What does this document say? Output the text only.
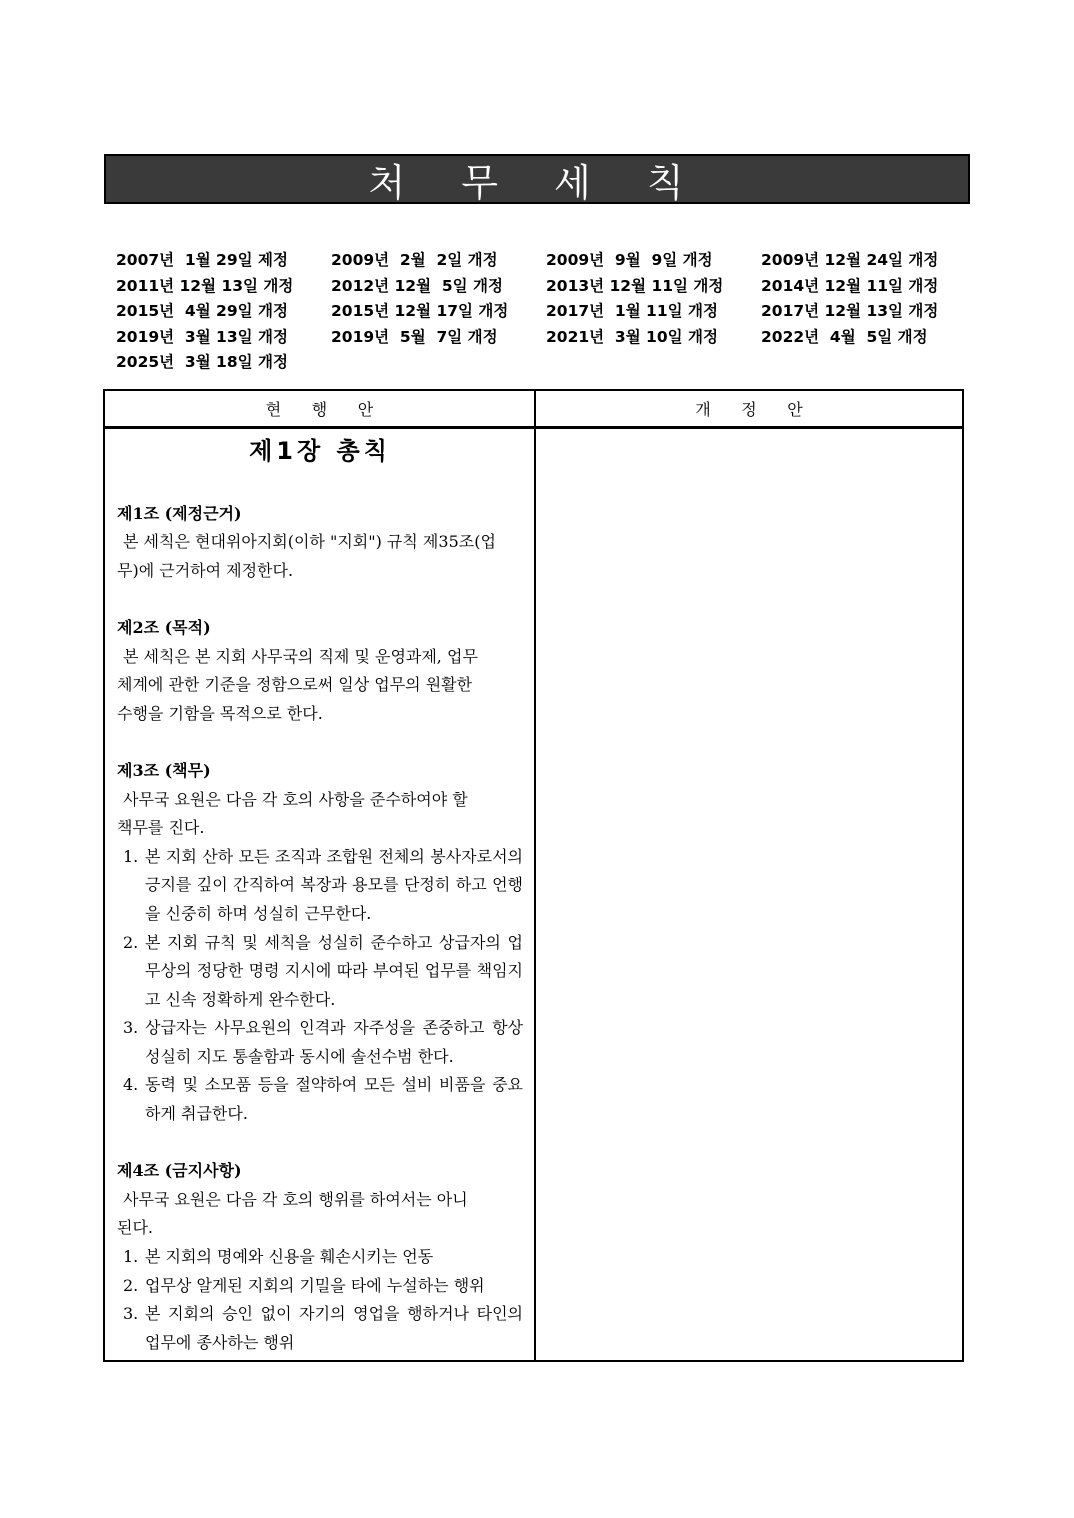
처 무 세 칙
2007년  1월 29일 제정	2009년  2월  2일 개정	2009년  9월  9일 개정	2009년 12월 24일 개정
2011년 12월 13일 개정	2012년 12월  5일 개정	2013년 12월 11일 개정	2014년 12월 11일 개정
2015년  4월 29일 개정	2015년 12월 17일 개정	2017년  1월 11일 개정	2017년 12월 13일 개정
2019년  3월 13일 개정	2019년  5월  7일 개정	2021년  3월 10일 개정	2022년  4월  5일 개정
2025년  3월 18일 개정
현      행      안	개      정      안
제1장 총칙
제1조 (제정근거)
본 세칙은 현대위아지회(이하 "지회") 규칙 제35조(업
무)에 근거하여 제정한다.
제2조 (목적)
본 세칙은 본 지회 사무국의 직제 및 운영과제, 업무
체계에 관한 기준을 정함으로써 일상 업무의 원활한
수행을 기함을 목적으로 한다.
제3조 (책무)
사무국 요원은 다음 각 호의 사항을 준수하여야 할
책무를 진다.
1. 본 지회 산하 모든 조직과 조합원 전체의 봉사자로서의 긍지를 깊이 간직하여 복장과 용모를 단정히 하고 언행을 신중히 하며 성실히 근무한다.
2. 본 지회 규칙 및 세칙을 성실히 준수하고 상급자의 업무상의 정당한 명령 지시에 따라 부여된 업무를 책임지고 신속 정확하게 완수한다.
3. 상급자는 사무요원의 인격과 자주성을 존중하고 항상 성실히 지도 통솔함과 동시에 솔선수범 한다.
4. 동력 및 소모품 등을 절약하여 모든 설비 비품을 중요하게 취급한다.
제4조 (금지사항)
사무국 요원은 다음 각 호의 행위를 하여서는 아니
된다.
1. 본 지회의 명예와 신용을 훼손시키는 언동
2. 업무상 알게된 지회의 기밀을 타에 누설하는 행위
3. 본 지회의 승인 없이 자기의 영업을 행하거나 타인의 업무에 종사하는 행위
